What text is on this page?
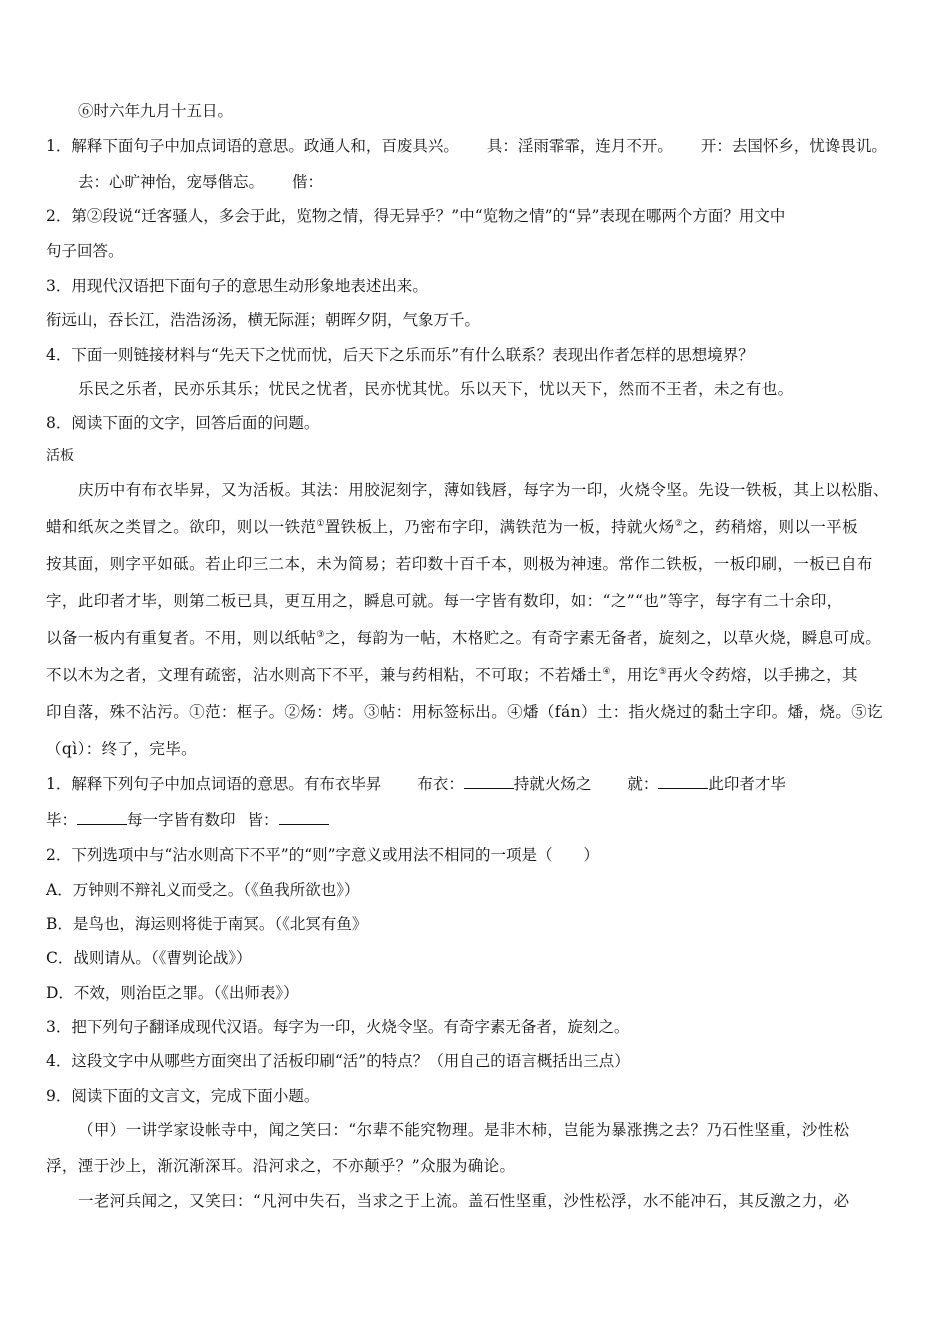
⑥时六年九月十五日。
1．解释下面句子中加点词语的意思。政通人和，百废具兴。 具：淫雨霏霏，连月不开。 开：去国怀乡，忧谗畏讥。
去：心旷神怡，宠辱偕忘。 偕：
2．第②段说“迁客骚人，多会于此，览物之情，得无异乎？”中“览物之情”的“异”表现在哪两个方面？用文中
句子回答。
3．用现代汉语把下面句子的意思生动形象地表述出来。
衔远山，吞长江，浩浩汤汤，横无际涯；朝晖夕阴，气象万千。
4．下面一则链接材料与“先天下之忧而忧，后天下之乐而乐”有什么联系？表现出作者怎样的思想境界？
乐民之乐者，民亦乐其乐；忧民之忧者，民亦忧其忧。乐以天下，忧以天下，然而不王者，未之有也。
8．阅读下面的文字，回答后面的问题。
活板
庆历中有布衣毕昇，又为活板。其法：用胶泥刻字，薄如钱唇，每字为一印，火烧令坚。先设一铁板，其上以松脂、
蜡和纸灰之类冒之。欲印，则以一铁范①置铁板上，乃密布字印，满铁范为一板，持就火炀②之，药稍熔，则以一平板
按其面，则字平如砥。若止印三二本，未为简易；若印数十百千本，则极为神速。常作二铁板，一板印刷，一板已自布
字，此印者才毕，则第二板已具，更互用之，瞬息可就。每一字皆有数印，如：“之”“也”等字，每字有二十余印，
以备一板内有重复者。不用，则以纸帖③之，每韵为一帖，木格贮之。有奇字素无备者，旋刻之，以草火烧，瞬息可成。
不以木为之者，文理有疏密，沾水则高下不平，兼与药相粘，不可取；不若燔土④，用讫⑤再火令药熔，以手拂之，其
印自落，殊不沾污。①范：框子。②炀：烤。③帖：用标签标出。④燔（fán）土：指火烧过的黏土字印。燔，烧。⑤讫
（qì）：终了，完毕。
1．解释下列句子中加点词语的意思。有布衣毕昇 布衣：	持就火炀之 就：	此印者才毕
毕：	每一字皆有数印 皆：
2．下列选项中与“沾水则高下不平”的“则”字意义或用法不相同的一项是（　　）
A．万钟则不辩礼义而受之。（《鱼我所欲也》）
B．是鸟也，海运则将徙于南冥。（《北冥有鱼》
C．战则请从。（《曹刿论战》）
D．不效，则治臣之罪。（《出师表》）
3．把下列句子翻译成现代汉语。每字为一印，火烧令坚。有奇字素无备者，旋刻之。
4．这段文字中从哪些方面突出了活板印刷“活”的特点？（用自己的语言概括出三点）
9．阅读下面的文言文，完成下面小题。
（甲）一讲学家设帐寺中，闻之笑曰：“尔辈不能究物理。是非木柿，岂能为暴涨携之去？乃石性坚重，沙性松
浮，湮于沙上，渐沉渐深耳。沿河求之，不亦颠乎？”众服为确论。
一老河兵闻之，又笑曰：“凡河中失石，当求之于上流。盖石性坚重，沙性松浮，水不能冲石，其反激之力，必
